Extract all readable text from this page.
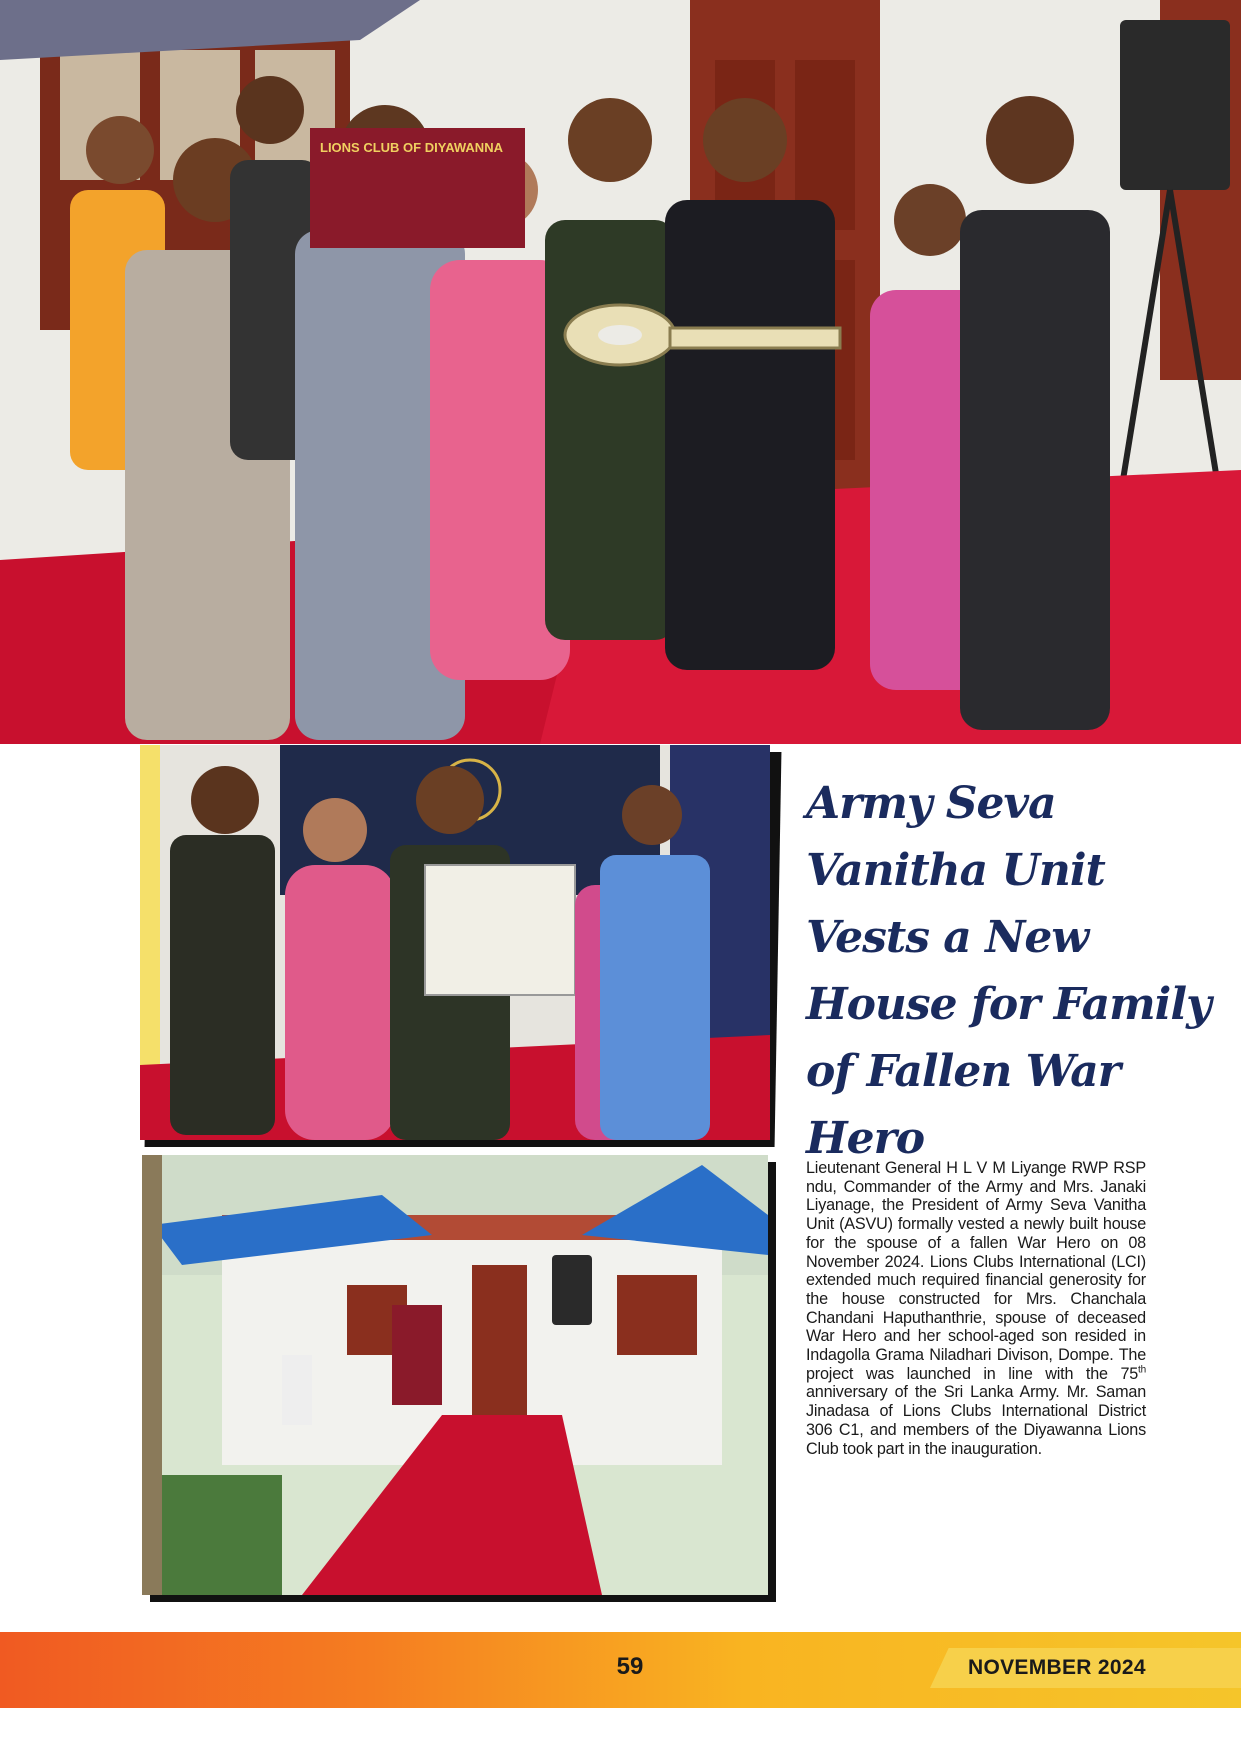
LIONS CLUB OF DIYAWANNA
Army Seva Vanitha Unit Vests a New House for Family of Fallen War Hero

Lieutenant General H L V M Liyange RWP RSP ndu, Commander of the Army and Mrs. Janaki Liyanage, the President of Army Seva Vanitha Unit (ASVU) formally vested a newly built house for the spouse of a fallen War Hero on 08 November 2024. Lions Clubs International (LCI) extended much required financial generosity for the house constructed for Mrs. Chanchala Chandani Haputhanthrie, spouse of deceased War Hero and her school-aged son resided in Indagolla Grama Niladhari Divison, Dompe. The project was launched in line with the 75th anniversary of the Sri Lanka Army. Mr. Saman Jinadasa of Lions Clubs International District 306 C1, and members of the Diyawanna Lions Club took part in the inauguration.

59	NOVEMBER 2024
